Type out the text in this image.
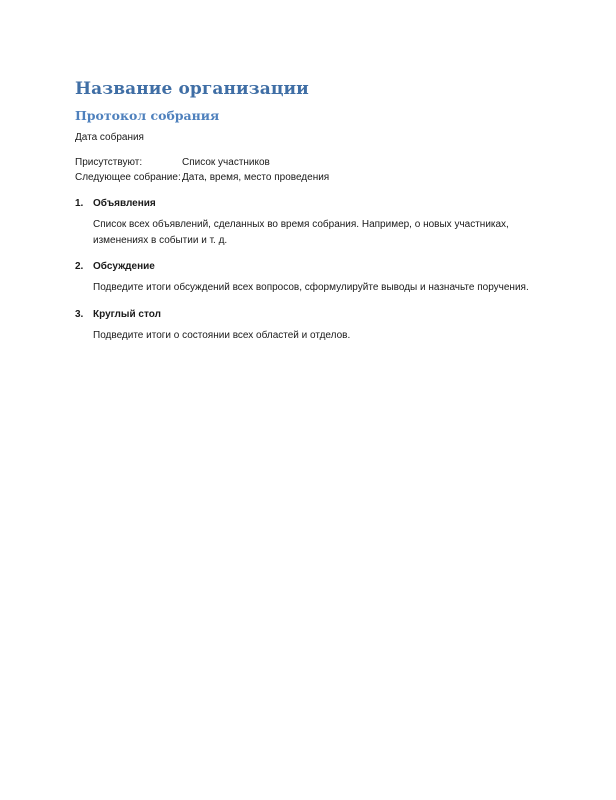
Название организации
Протокол собрания

Дата собрания

Присутствуют:	Список участников
Следующее собрание:	Дата, время, место проведения
1. Объявления
Список всех объявлений, сделанных во время собрания. Например, о новых участниках, изменениях в событии и т. д.
2. Обсуждение
Подведите итоги обсуждений всех вопросов, сформулируйте выводы и назначьте поручения.
3. Круглый стол
Подведите итоги о состоянии всех областей и отделов.
